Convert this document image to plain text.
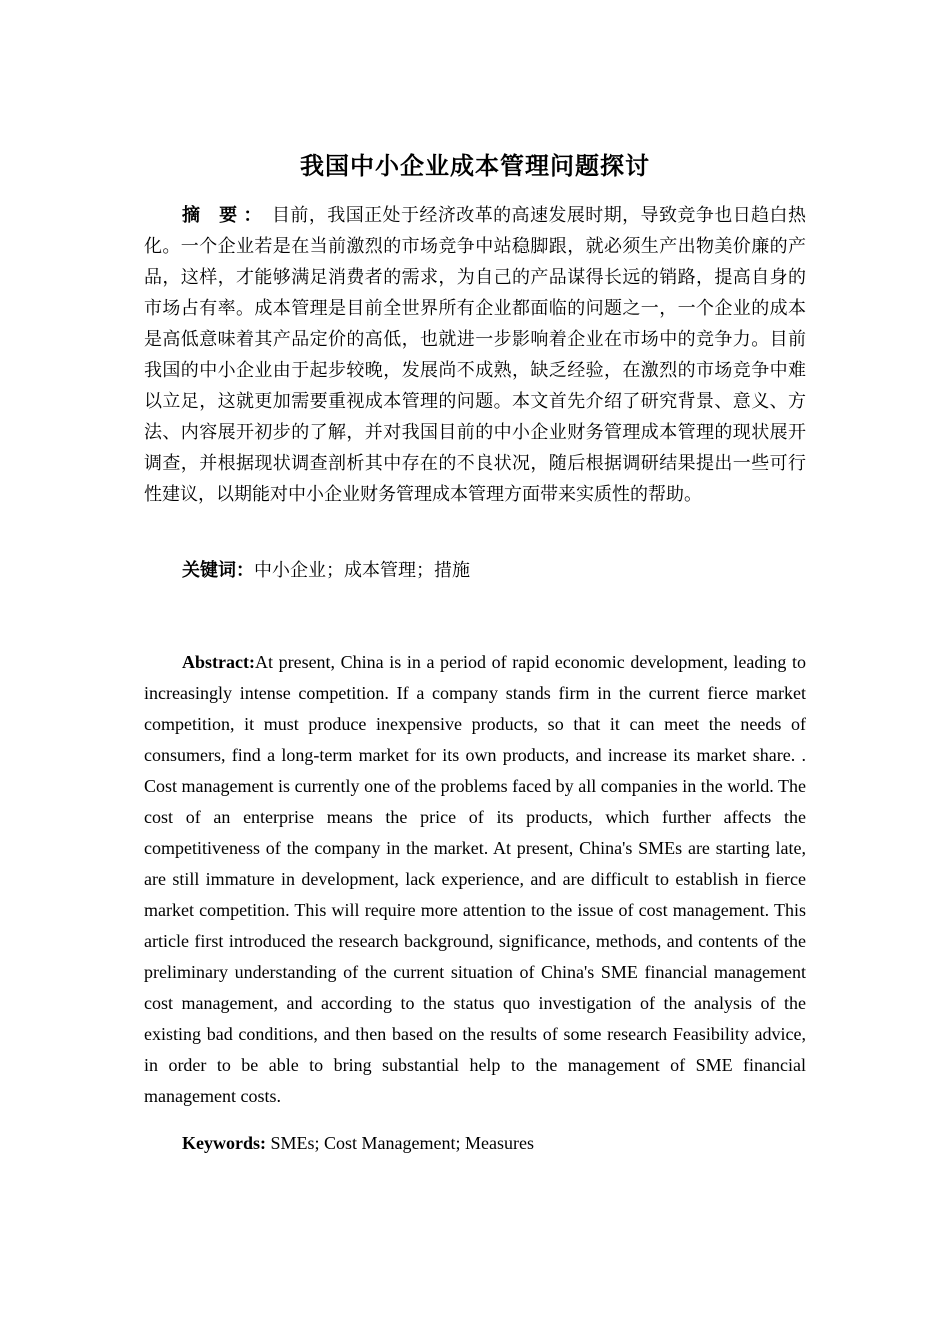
我国中小企业成本管理问题探讨

摘 要： 目前，我国正处于经济改革的高速发展时期，导致竞争也日趋白热化。一个企业若是在当前激烈的市场竞争中站稳脚跟，就必须生产出物美价廉的产品，这样，才能够满足消费者的需求，为自己的产品谋得长远的销路，提高自身的市场占有率。成本管理是目前全世界所有企业都面临的问题之一，一个企业的成本是高低意味着其产品定价的高低，也就进一步影响着企业在市场中的竞争力。目前我国的中小企业由于起步较晚，发展尚不成熟，缺乏经验，在激烈的市场竞争中难以立足，这就更加需要重视成本管理的问题。本文首先介绍了研究背景、意义、方法、内容展开初步的了解，并对我国目前的中小企业财务管理成本管理的现状展开调查，并根据现状调查剖析其中存在的不良状况，随后根据调研结果提出一些可行性建议，以期能对中小企业财务管理成本管理方面带来实质性的帮助。

关键词：中小企业；成本管理；措施

Abstract:At present, China is in a period of rapid economic development, leading to increasingly intense competition. If a company stands firm in the current fierce market competition, it must produce inexpensive products, so that it can meet the needs of consumers, find a long-term market for its own products, and increase its market share. . Cost management is currently one of the problems faced by all companies in the world. The cost of an enterprise means the price of its products, which further affects the competitiveness of the company in the market. At present, China's SMEs are starting late, are still immature in development, lack experience, and are difficult to establish in fierce market competition. This will require more attention to the issue of cost management. This article first introduced the research background, significance, methods, and contents of the preliminary understanding of the current situation of China's SME financial management cost management, and according to the status quo investigation of the analysis of the existing bad conditions, and then based on the results of some research Feasibility advice, in order to be able to bring substantial help to the management of SME financial management costs.

Keywords: SMEs; Cost Management; Measures
